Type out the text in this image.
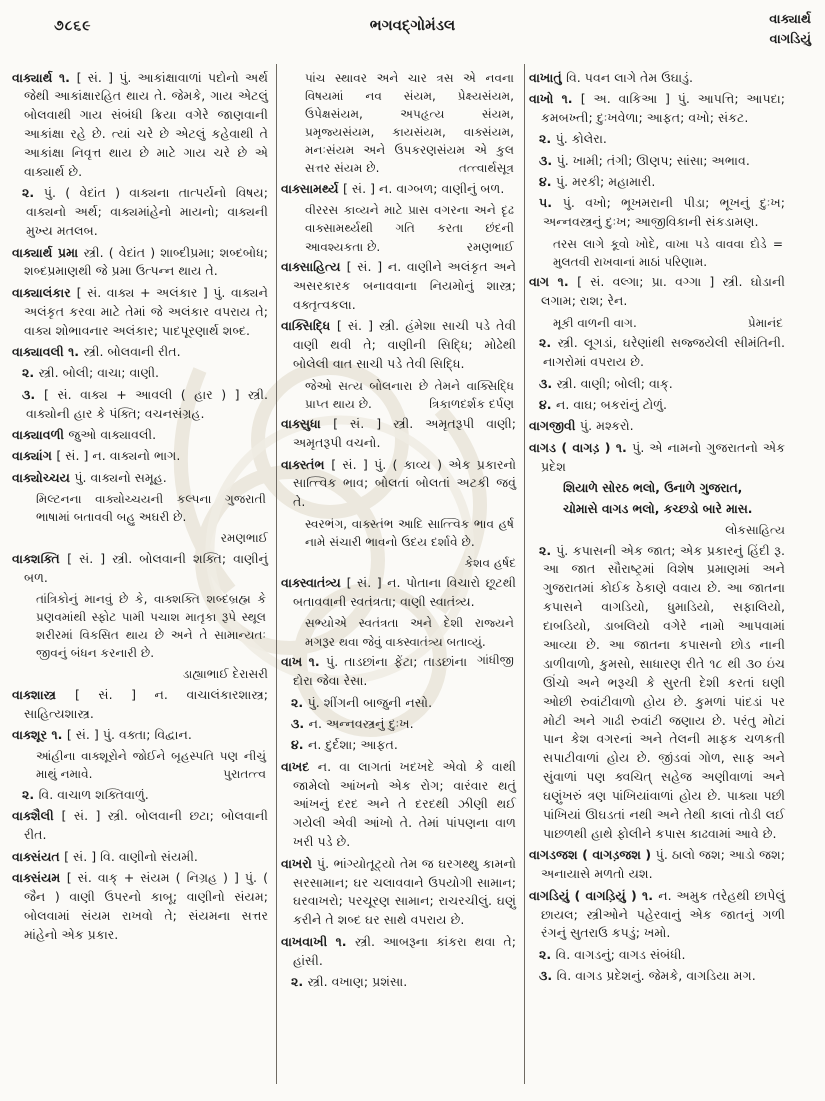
૭૮૬૯	ભગવદ્ગોમંડલ	વાક્યાર્થ
વાગડિયું

વાક્યાર્થ ૧. [ સં. ] પું. આકાંક્ષાવાળાં પદોનો અર્થ જેથી આકાંક્ષારહિત થાય તે. જેમકે, ગાય એટલું બોલવાથી ગાય સંબંધી ક્રિયા વગેરે જાણવાની આકાંક્ષા રહે છે. ત્યાં ચરે છે એટલું કહેવાથી તે આકાંક્ષા નિવૃત્ત થાય છે માટે ગાય ચરે છે એ વાક્યાર્થ છે.

૨. પું. ( વેદાંત ) વાક્યના તાત્પર્યનો વિષય; વાક્યનો અર્થ; વાક્યમાંહેનો માયનો; વાક્યની મુખ્ય મતલબ.

વાક્યાર્થ પ્રમા સ્ત્રી. ( વેદાંત ) શાબ્દીપ્રમા; શબ્દબોધ; શબ્દપ્રમાણથી જે પ્રમા ઉત્પન્ન થાય તે.

વાક્યાલંકાર [ સં. વાક્ય + અલંકાર ] પું. વાક્યને અલંકૃત કરવા માટે તેમાં જે અલંકાર વપરાય તે; વાક્ય શોભાવનાર અલંકાર; પાદપૂરણાર્થ શબ્દ.

વાક્યાવલી ૧. સ્ત્રી. બોલવાની રીત.

૨. સ્ત્રી. બોલી; વાચા; વાણી.

૩. [ સં. વાક્ય + આવલી ( હાર ) ] સ્ત્રી. વાક્યોની હાર કે પંક્તિ; વચનસંગ્રહ.

વાક્યાવળી જુઓ વાક્યાવલી.

વાક્યાંગ [ સં. ] ન. વાક્યનો ભાગ.

વાક્યોચ્ચય પું. વાક્યનો સમૂહ.

મિલ્ટનના વાક્યોચ્ચયની કલ્પના ગુજરાતી ભાષામાં બતાવવી બહુ અઘરી છે.

રમણભાઈ

વાક્શક્તિ [ સં. ] સ્ત્રી. બોલવાની શક્તિ; વાણીનું બળ.

તાંત્રિકોનું માનવું છે કે, વાક્શક્તિ શબ્દબ્રહ્મ કે પ્રણવમાંથી સ્ફોટ પામી પચાશ માતૃકા રૂપે સ્થૂલ શરીરમાં વિકસિત થાય છે અને તે સામાન્યતઃ જીવનું બંધન કરનારી છે.

ડાહ્યાભાઈ દેરાસરી

વાક્શાસ્ત્ર [ સં. ] ન. વાચાલંકારશાસ્ત્ર; સાહિત્યશાસ્ત્ર.

વાક્શૂર ૧. [ સં. ] પું. વક્તા; વિદ્વાન.

આંહીના વાક્શૂરોને જોઈને બૃહસ્પતિ પણ નીચું માથું નમાવે.	પુરાતત્ત્વ

૨. વિ. વાચાળ શક્તિવાળું.

વાક્શૈલી [ સં. ] સ્ત્રી. બોલવાની છટા; બોલવાની રીત.

વાક્સંયત [ સં. ] વિ. વાણીનો સંયમી.

વાક્સંયમ [ સં. વાક્ + સંયમ ( નિગ્રહ ) ] પું. ( જૈન ) વાણી ઉપરનો કાબૂ; વાણીનો સંયમ; બોલવામાં સંયમ રાખવો તે; સંયમના સત્તર માંહેનો એક પ્રકાર.

પાંચ સ્થાવર અને ચાર ત્રસ એ નવના વિષયમાં નવ સંયમ, પ્રેક્ષ્યસંયમ, ઉપેક્ષસંયમ, અપહૃત્ય સંયમ, પ્રમૃજ્યસંયમ, કાયસંયમ, વાક્સંયમ, મનઃસંયમ અને ઉપકરણસંયમ એ કુલ સત્તર સંયમ છે.	તત્ત્વાર્થસૂત્ર

વાક્સામર્થ્ય [ સં. ] ન. વાગ્બળ; વાણીનું બળ.

વીરરસ કાવ્યને માટે પ્રાસ વગરના અને દૃઢ વાક્સામર્થ્યથી ગતિ કરતા છંદની આવશ્યકતા છે.	રમણભાઈ

વાક્સાહિત્ય [ સં. ] ન. વાણીને અલંકૃત અને અસરકારક બનાવવાના નિયમોનું શાસ્ત્ર; વક્તૃત્વકલા.

વાક્સિદ્ધિ [ સં. ] સ્ત્રી. હંમેશા સાચી પડે તેવી વાણી થવી તે; વાણીની સિદ્ધિ; મોઢેથી બોલેલી વાત સાચી પડે તેવી સિદ્ધિ.

જેઓ સત્ય બોલનારા છે તેમને વાક્સિદ્ધિ પ્રાપ્ત થાય છે.	ત્રિકાળદર્શક દર્પણ

વાક્સુધા [ સં. ] સ્ત્રી. અમૃતરૂપી વાણી; અમૃતરૂપી વચનો.

વાક્સ્તંભ [ સં. ] પું. ( કાવ્ય ) એક પ્રકારનો સાત્ત્વિક ભાવ; બોલતાં બોલતાં અટકી જવું તે.

સ્વરભંગ, વાક્સ્તંભ આદિ સાત્ત્વિક ભાવ હર્ષ નામે સંચારી ભાવનો ઉદય દર્શાવે છે.

કેશવ હર્ષદ

વાક્સ્વાતંત્ર્ય [ સં. ] ન. પોતાના વિચારો છૂટથી બતાવવાની સ્વતંત્રતા; વાણી સ્વાતંત્ર્ય.

સભ્યોએ સ્વતંત્રતા અને દેશી રાજ્યને મગરૂર થવા જેવું વાક્સ્વાતંત્ર્ય બતાવ્યું.
ગાંધીજી

વાખ ૧. પું. તાડછાંના ફેંટા; તાડછાંના દોરા જેવા રેસા.

૨. પું. શીંગની બાજુની નસો.

૩. ન. અન્નવસ્ત્રનું દુઃખ.

૪. ન. દુર્દશા; આફત.

વાખદ ન. વા લાગતાં ખદખદે એવો કે વાથી જામેલો આંખનો એક રોગ; વારંવાર થતું આંખનું દરદ અને તે દરદથી ઝીણી થઈ ગયેલી એવી આંખો તે. તેમાં પાંપણના વાળ ખરી પડે છે.

વાખરો પું. ભાંગ્યોતૂટ્યો તેમ જ ઘરગથ્થુ કામનો સરસામાન; ઘર ચલાવવાને ઉપયોગી સામાન; ઘરવાખરો; પરચૂરણ સામાન; રાચરચીલું. ઘણું કરીને તે શબ્દ ઘર સાથે વપરાય છે.

વાખવાખી ૧. સ્ત્રી. આબરૂના કાંકરા થવા તે; હાંસી.

૨. સ્ત્રી. વખાણ; પ્રશંસા.

વાખાતું વિ. પવન લાગે તેમ ઉઘાડું.

વાખો ૧. [ અ. વાકિઆ ] પું. આપત્તિ; આપદા; કમબખ્તી; દુઃખવેળા; આફત; વખો; સંકટ.

૨. પું. કોલેરા.

૩. પું. ખામી; તંગી; ઊણપ; સાંસા; અભાવ.

૪. પું. મરકી; મહામારી.

૫. પું. વખો; ભૂખમરાની પીડા; ભૂખનું દુઃખ; અન્નવસ્ત્રનું દુઃખ; આજીવિકાની સંકડામણ.

તરસ લાગે કૂવો ખોદે, વાખા પડે વાવવા દોડે = મુલતવી રાખવાનાં માઠાં પરિણામ.

વાગ ૧. [ સં. વલ્ગા; પ્રા. વગ્ગા ] સ્ત્રી. ઘોડાની લગામ; રાશ; રેન.

મૂકી વાળની વાગ.	પ્રેમાનંદ

૨. સ્ત્રી. લૂગડાં, ઘરેણાંથી સજ્જયેલી સીમંતિની. નાગરોમાં વપરાય છે.

૩. સ્ત્રી. વાણી; બોલી; વાક્.

૪. ન. વાઘ; બકરાંનું ટોળું.

વાગજીવી પું. મશ્કરો.

વાગડ ( વાગડ઼ ) ૧. પું. એ નામનો ગુજરાતનો એક પ્રદેશ

શિયાળે સોરઠ ભલો, ઉનાળે ગુજરાત,

ચોમાસે વાગડ ભલો, કચ્છડો બારે માસ.

લોકસાહિત્ય

૨. પું. કપાસની એક જાત; એક પ્રકારનું હિંદી રૂ. આ જાત સૌરાષ્ટ્રમાં વિશેષ પ્રમાણમાં અને ગુજરાતમાં કોઈક ઠેકાણે વવાય છે. આ જાતના કપાસને વાગડિયો, ધુમાડિયો, સફાલિયો, દાબડિયો, ડાબલિયો વગેરે નામો આપવામાં આવ્યા છે. આ જાતના કપાસનો છોડ નાની ડાળીવાળો, કુમસો, સાધારણ રીતે ૧૮ થી ૩૦ ઇંચ ઊંચો અને ભરૂચી કે સુરતી દેશી કરતાં ઘણી ઓછી રુવાંટીવાળો હોય છે. કુમળાં પાંદડાં પર મોટી અને ગાઢી રુવાંટી જણાય છે. પરંતુ મોટાં પાન કેશ વગરનાં અને તેલની માફક ચળકતી સપાટીવાળાં હોય છે. જીંડવાં ગોળ, સાફ અને સુંવાળાં પણ ક્વચિત્ સહેજ અણીવાળાં અને ઘણુંખરું ત્રણ પાંખિયાંવાળાં હોય છે. પાક્યા પછી પાંખિયાં ઊઘડતાં નથી અને તેથી કાલાં તોડી લઈ પાછળથી હાથે ફોલીને કપાસ કાઢવામાં આવે છે.

વાગડજશ ( વાગડ઼જશ ) પું. ઠાલો જશ; આડો જશ; અનાયાસે મળતો યશ.

વાગડિયું ( વાગડ઼િયું ) ૧. ન. અમુક તરેહથી છાપેલું છાયલ; સ્ત્રીઓને પહેરવાનું એક જાતનું ગળી રંગનું સુતરાઉ કપડું; ખમો.

૨. વિ. વાગડનું; વાગડ સંબંધી.

૩. વિ. વાગડ પ્રદેશનું. જેમકે, વાગડિયા મગ.
